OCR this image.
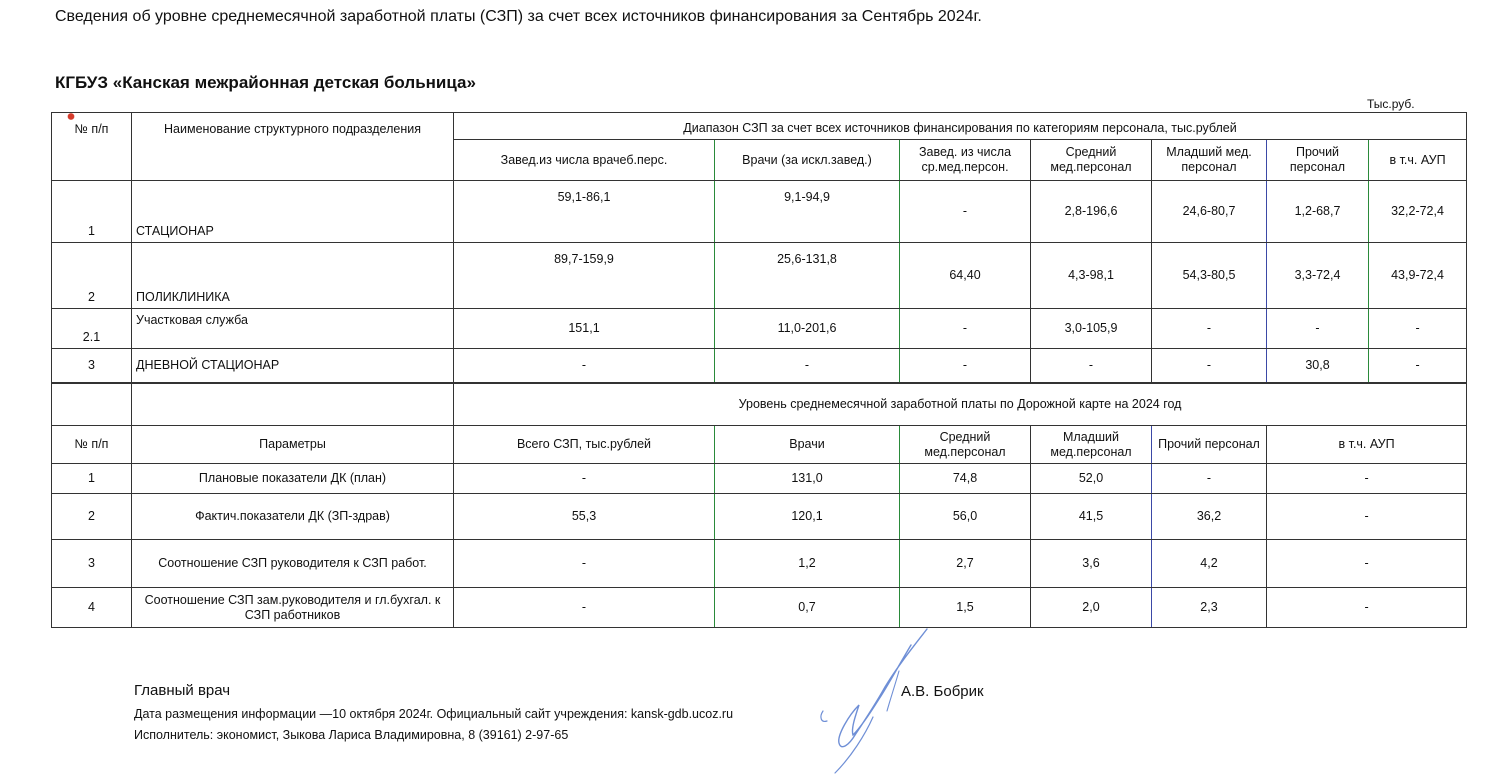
Сведения об уровне среднемесячной заработной платы (СЗП) за счет всех источников финансирования за Сентябрь 2024г.
КГБУЗ «Канская межрайонная детская больница»
Тыс.руб.
№ п/п	Наименование структурного подразделения	Диапазон СЗП за счет всех источников финансирования по категориям персонала, тыс.рублей						
		Завед.из числа врачеб.перс.	Врачи (за искл.завед.)	Завед. из числа ср.мед.персон.	Средний мед.персонал	Младший мед. персонал	Прочий персонал	в т.ч. АУП
1	СТАЦИОНАР	59,1-86,1	9,1-94,9	-	2,8-196,6	24,6-80,7	1,2-68,7	32,2-72,4
2	ПОЛИКЛИНИКА	89,7-159,9	25,6-131,8	64,40	4,3-98,1	54,3-80,5	3,3-72,4	43,9-72,4
2.1	Участковая служба	151,1	11,0-201,6	-	3,0-105,9	-	-	-
3	ДНЕВНОЙ СТАЦИОНАР	-	-	-	-	-	30,8	-
		Уровень среднемесячной заработной платы по Дорожной карте на 2024 год					
№ п/п	Параметры	Всего СЗП, тыс.рублей	Врачи	Средний мед.персонал	Младший мед.персонал	Прочий персонал	в т.ч. АУП
1	Плановые показатели ДК (план)	-	131,0	74,8	52,0	-	-
2	Фактич.показатели ДК (ЗП-здрав)	55,3	120,1	56,0	41,5	36,2	-
3	Соотношение СЗП руководителя к СЗП работ.	-	1,2	2,7	3,6	4,2	-
4	Соотношение СЗП зам.руководителя и гл.бухгал. к СЗП работников	-	0,7	1,5	2,0	2,3	-
Главный врач	А.В. Бобрик
Дата размещения информации —10 октября 2024г. Официальный сайт учреждения: kansk-gdb.ucoz.ru
Исполнитель: экономист, Зыкова Лариса Владимировна, 8 (39161) 2-97-65
